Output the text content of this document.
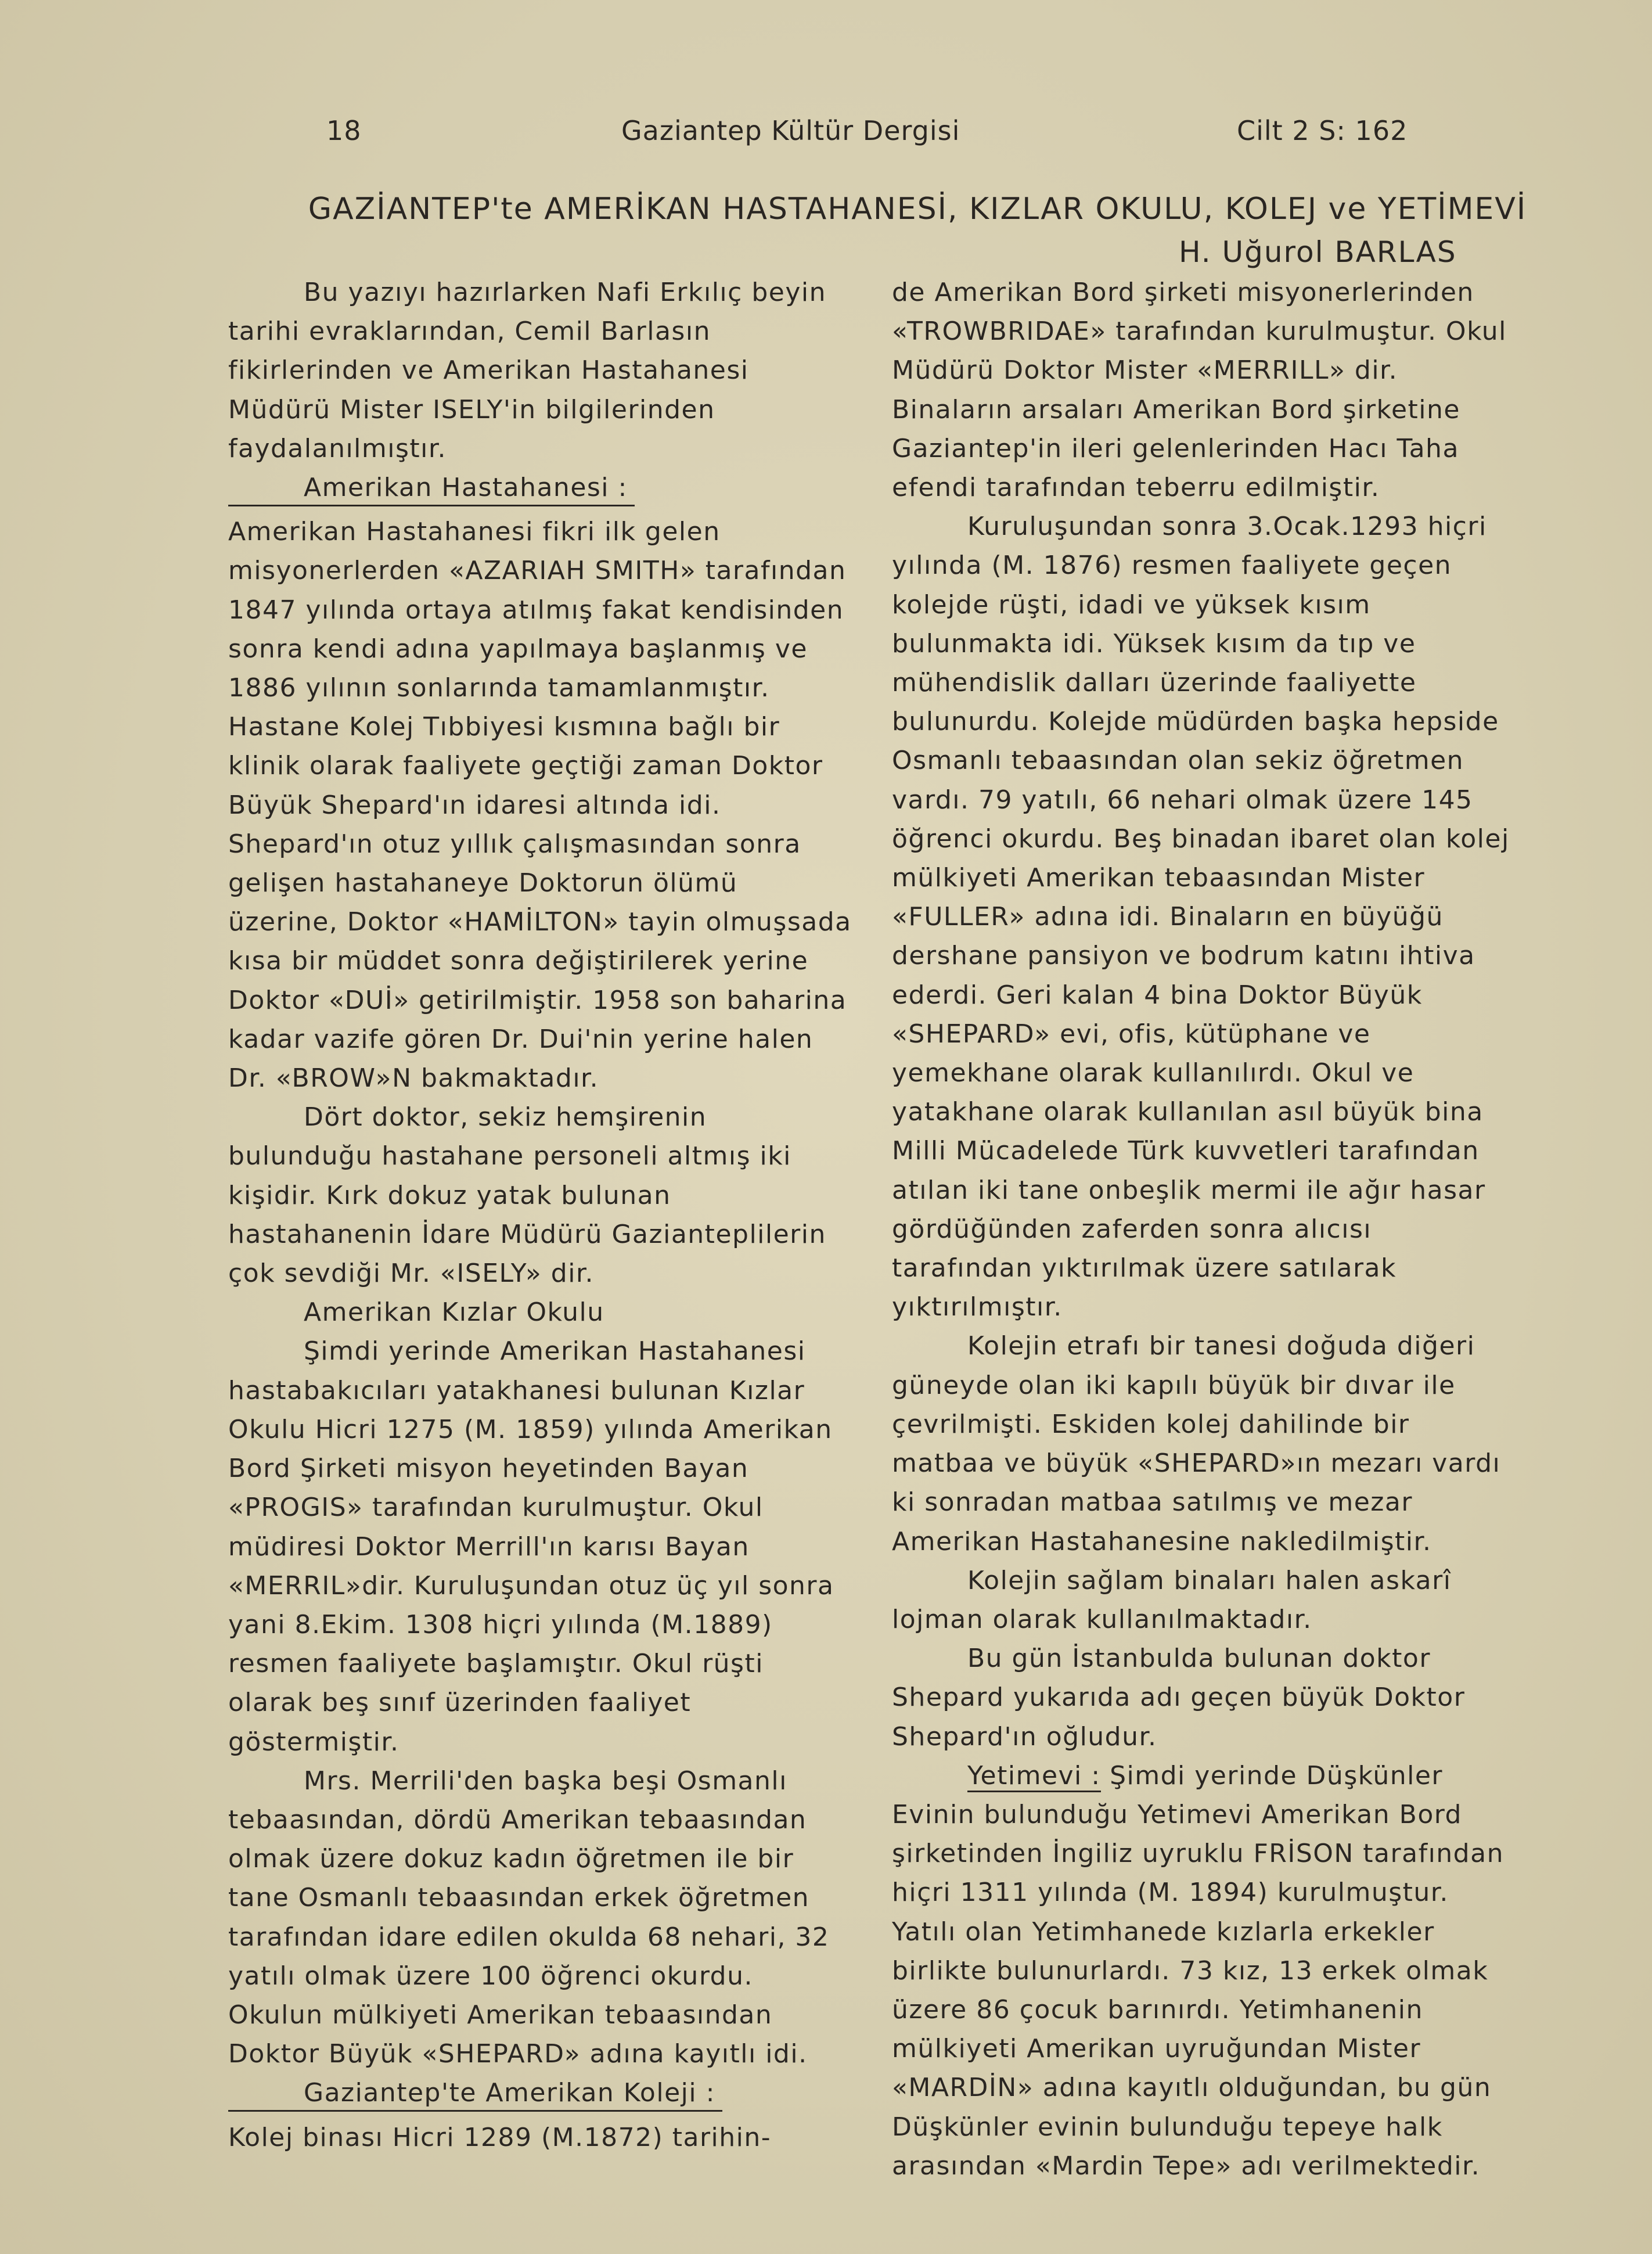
18	Gaziantep Kültür Dergisi	Cilt 2 S: 162
GAZİANTEP'te AMERİKAN HASTAHANESİ, KIZLAR OKULU, KOLEJ ve YETİMEVİ
H. Uğurol BARLAS

Bu yazıyı hazırlarken Nafi Erkılıç beyin tarihi evraklarından, Cemil Barlasın fikirlerinden ve Amerikan Hastahanesi Müdürü Mister ISELY'in bilgilerinden faydalanılmıştır.

Amerikan Hastahanesi :

Amerikan Hastahanesi fikri ilk gelen misyonerlerden «AZARIAH SMITH» tarafından 1847 yılında ortaya atılmış fakat kendisinden sonra kendi adına yapılmaya başlanmış ve 1886 yılının sonlarında tamamlanmıştır. Hastane Kolej Tıbbiyesi kısmına bağlı bir klinik olarak faaliyete geçtiği zaman Doktor Büyük Shepard'ın idaresi altında idi. Shepard'ın otuz yıllık çalışmasından sonra gelişen hastahaneye Doktorun ölümü üzerine, Doktor «HAMİLTON» tayin olmuşsada kısa bir müddet sonra değiştirilerek yerine Doktor «DUİ» getirilmiştir. 1958 son baharina kadar vazife gören Dr. Dui'nin yerine halen Dr. «BROW»N bakmaktadır.

Dört doktor, sekiz hemşirenin bulunduğu hastahane personeli altmış iki kişidir. Kırk dokuz yatak bulunan hastahanenin İdare Müdürü Gazianteplilerin çok sevdiği Mr. «ISELY» dir.

Amerikan Kızlar Okulu

Şimdi yerinde Amerikan Hastahanesi hastabakıcıları yatakhanesi bulunan Kızlar Okulu Hicri 1275 (M. 1859) yılında Amerikan Bord Şirketi misyon heyetinden Bayan «PROGIS» tarafından kurulmuştur. Okul müdiresi Doktor Merrill'ın karısı Bayan «MERRIL»dir. Kuruluşundan otuz üç yıl sonra yani 8.Ekim. 1308 hiçri yılında (M.1889) resmen faaliyete başlamıştır. Okul rüşti olarak beş sınıf üzerinden faaliyet göstermiştir.

Mrs. Merrili'den başka beşi Osmanlı tebaasından, dördü Amerikan tebaasından olmak üzere dokuz kadın öğretmen ile bir tane Osmanlı tebaasından erkek öğretmen tarafından idare edilen okulda 68 nehari, 32 yatılı olmak üzere 100 öğrenci okurdu. Okulun mülkiyeti Amerikan tebaasından Doktor Büyük «SHEPARD» adına kayıtlı idi.

Gaziantep'te Amerikan Koleji :

Kolej binası Hicri 1289 (M.1872) tarihin-

de Amerikan Bord şirketi misyonerlerinden «TROWBRIDAE» tarafından kurulmuştur. Okul Müdürü Doktor Mister «MERRILL» dir. Binaların arsaları Amerikan Bord şirketine Gaziantep'in ileri gelenlerinden Hacı Taha efendi tarafından teberru edilmiştir.

Kuruluşundan sonra 3.Ocak.1293 hiçri yılında (M. 1876) resmen faaliyete geçen kolejde rüşti, idadi ve yüksek kısım bulunmakta idi. Yüksek kısım da tıp ve mühendislik dalları üzerinde faaliyette bulunurdu. Kolejde müdürden başka hepside Osmanlı tebaasından olan sekiz öğretmen vardı. 79 yatılı, 66 nehari olmak üzere 145 öğrenci okurdu. Beş binadan ibaret olan kolej mülkiyeti Amerikan tebaasından Mister «FULLER» adına idi. Binaların en büyüğü dershane pansiyon ve bodrum katını ihtiva ederdi. Geri kalan 4 bina Doktor Büyük «SHEPARD» evi, ofis, kütüphane ve yemekhane olarak kullanılırdı. Okul ve yatakhane olarak kullanılan asıl büyük bina Milli Mücadelede Türk kuvvetleri tarafından atılan iki tane onbeşlik mermi ile ağır hasar gördüğünden zaferden sonra alıcısı tarafından yıktırılmak üzere satılarak yıktırılmıştır.

Kolejin etrafı bir tanesi doğuda diğeri güneyde olan iki kapılı büyük bir dıvar ile çevrilmişti. Eskiden kolej dahilinde bir matbaa ve büyük «SHEPARD»ın mezarı vardı ki sonradan matbaa satılmış ve mezar Amerikan Hastahanesine nakledilmiştir.

Kolejin sağlam binaları halen askarî lojman olarak kullanılmaktadır.

Bu gün İstanbulda bulunan doktor Shepard yukarıda adı geçen büyük Doktor Shepard'ın oğludur.

Yetimevi : Şimdi yerinde Düşkünler Evinin bulunduğu Yetimevi Amerikan Bord şirketinden İngiliz uyruklu FRİSON tarafından hiçri 1311 yılında (M. 1894) kurulmuştur. Yatılı olan Yetimhanede kızlarla erkekler birlikte bulunurlardı. 73 kız, 13 erkek olmak üzere 86 çocuk barınırdı. Yetimhanenin mülkiyeti Amerikan uyruğundan Mister «MARDİN» adına kayıtlı olduğundan, bu gün Düşkünler evinin bulunduğu tepeye halk arasından «Mardin Tepe» adı verilmektedir.
